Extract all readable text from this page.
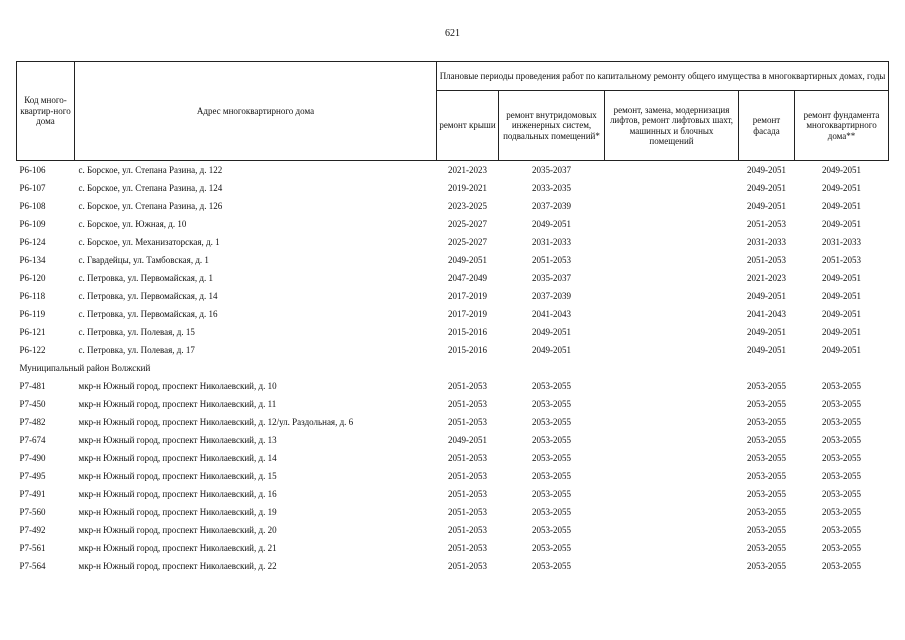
621
Код много-квартир-ного дома	Адрес многоквартирного дома	Плановые периоды проведения работ по капитальному ремонту общего имущества в многоквартирных домах, годы				
		ремонт крыши	ремонт внутридомовых инженерных систем, подвальных помещений*	ремонт, замена, модернизация лифтов, ремонт лифтовых шахт, машинных и блочных помещений	ремонт фасада	ремонт фундамента многоквартирного дома**
Р6-106	с. Борское, ул. Степана Разина, д. 122	2021-2023	2035-2037		2049-2051	2049-2051
Р6-107	с. Борское, ул. Степана Разина, д. 124	2019-2021	2033-2035		2049-2051	2049-2051
Р6-108	с. Борское, ул. Степана Разина, д. 126	2023-2025	2037-2039		2049-2051	2049-2051
Р6-109	с. Борское, ул. Южная, д. 10	2025-2027	2049-2051		2051-2053	2049-2051
Р6-124	с. Борское, ул. Механизаторская, д. 1	2025-2027	2031-2033		2031-2033	2031-2033
Р6-134	с. Гвардейцы, ул. Тамбовская, д. 1	2049-2051	2051-2053		2051-2053	2051-2053
Р6-120	с. Петровка, ул. Первомайская, д. 1	2047-2049	2035-2037		2021-2023	2049-2051
Р6-118	с. Петровка, ул. Первомайская, д. 14	2017-2019	2037-2039		2049-2051	2049-2051
Р6-119	с. Петровка, ул. Первомайская, д. 16	2017-2019	2041-2043		2041-2043	2049-2051
Р6-121	с. Петровка, ул. Полевая, д. 15	2015-2016	2049-2051		2049-2051	2049-2051
Р6-122	с. Петровка, ул. Полевая, д. 17	2015-2016	2049-2051		2049-2051	2049-2051
Муниципальный район Волжский						
Р7-481	мкр-н Южный город, проспект Николаевский, д. 10	2051-2053	2053-2055		2053-2055	2053-2055
Р7-450	мкр-н Южный город, проспект Николаевский, д. 11	2051-2053	2053-2055		2053-2055	2053-2055
Р7-482	мкр-н Южный город, проспект Николаевский, д. 12/ул. Раздольная, д. 6	2051-2053	2053-2055		2053-2055	2053-2055
Р7-674	мкр-н Южный город, проспект Николаевский, д. 13	2049-2051	2053-2055		2053-2055	2053-2055
Р7-490	мкр-н Южный город, проспект Николаевский, д. 14	2051-2053	2053-2055		2053-2055	2053-2055
Р7-495	мкр-н Южный город, проспект Николаевский, д. 15	2051-2053	2053-2055		2053-2055	2053-2055
Р7-491	мкр-н Южный город, проспект Николаевский, д. 16	2051-2053	2053-2055		2053-2055	2053-2055
Р7-560	мкр-н Южный город, проспект Николаевский, д. 19	2051-2053	2053-2055		2053-2055	2053-2055
Р7-492	мкр-н Южный город, проспект Николаевский, д. 20	2051-2053	2053-2055		2053-2055	2053-2055
Р7-561	мкр-н Южный город, проспект Николаевский, д. 21	2051-2053	2053-2055		2053-2055	2053-2055
Р7-564	мкр-н Южный город, проспект Николаевский, д. 22	2051-2053	2053-2055		2053-2055	2053-2055
